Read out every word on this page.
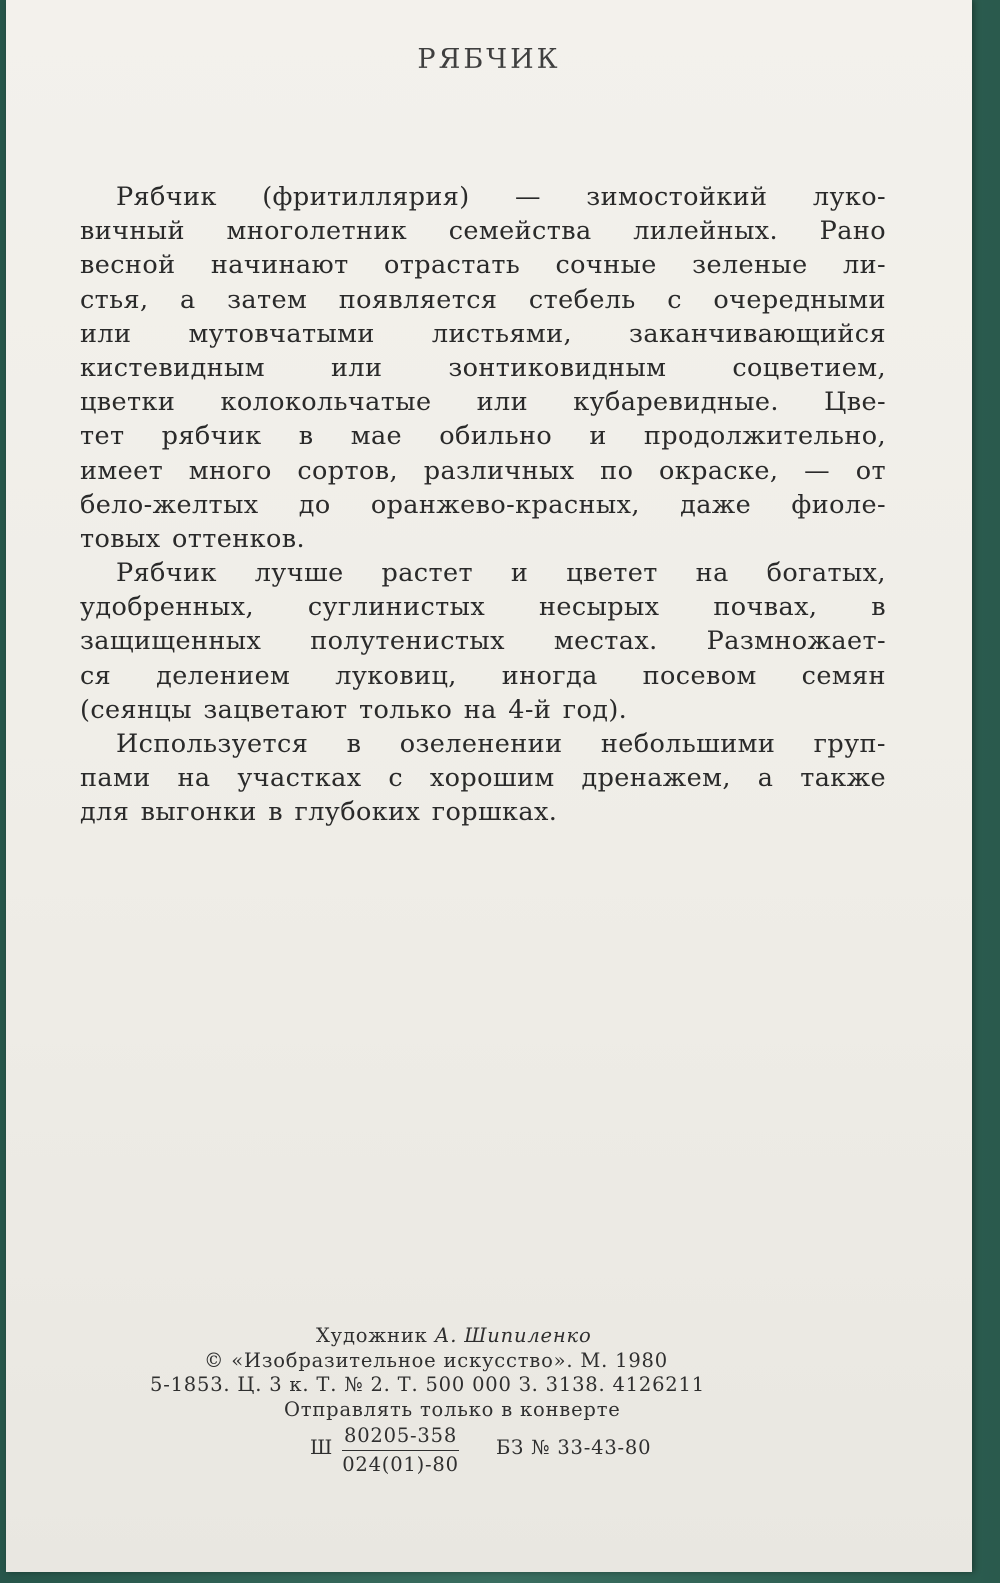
РЯБЧИК
Рябчик (фритиллярия) — зимостойкий луко-
вичный многолетник семейства лилейных. Рано
весной начинают отрастать сочные зеленые ли-
стья, а затем появляется стебель с очередными
или мутовчатыми листьями, заканчивающийся
кистевидным	или	зонтиковидным	соцветием,
цветки колокольчатые или кубаревидные. Цве-
тет рябчик в мае обильно и продолжительно,
имеет много сортов, различных по окраске, — от
бело-желтых до оранжево-красных, даже фиоле-
товых оттенков.
Рябчик лучше растет и цветет на богатых,
удобренных, суглинистых несырых почвах, в
защищенных полутенистых местах. Размножает-
ся делением луковиц, иногда посевом семян
(сеянцы зацветают только на 4-й год).
Используется в озеленении небольшими груп-
пами на участках с хорошим дренажем, а также
для выгонки в глубоких горшках.
Художник А. Шипиленко
© «Изобразительное искусство». М. 1980
5-1853. Ц. 3 к. Т. № 2. Т. 500 000 З. 3138. 4126211
Отправлять только в конверте
Ш $\frac{80205-358}{024(01)-80}$ БЗ № 33-43-80
